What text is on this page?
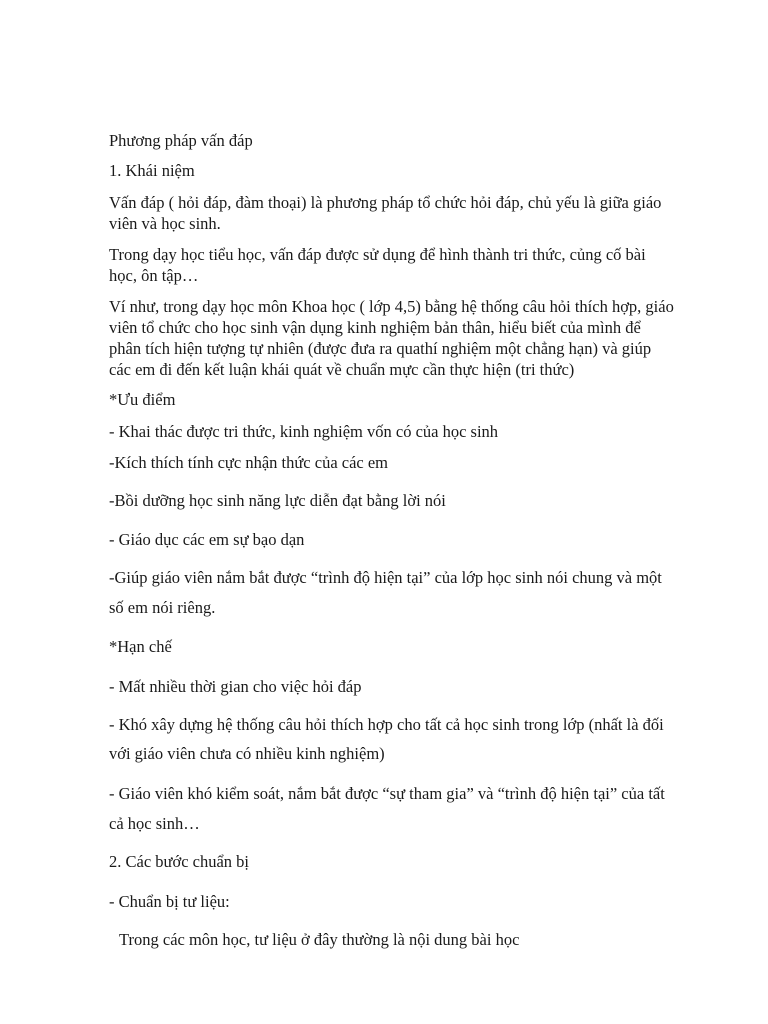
Phương pháp vấn đáp
1. Khái niệm
Vấn đáp ( hỏi đáp, đàm thoại) là phương pháp tổ chức hỏi đáp, chủ yếu là giữa giáo
viên và học sinh.
Trong dạy học tiểu học, vấn đáp được sử dụng để hình thành tri thức, củng cố bài
học, ôn tập…
Ví như, trong dạy học môn Khoa học ( lớp 4,5) bằng hệ thống câu hỏi thích hợp, giáo
viên tổ chức cho học sinh vận dụng kinh nghiệm bản thân, hiểu biết của mình để
phân tích hiện tượng tự nhiên (được đưa ra quathí nghiệm một chẳng hạn) và giúp
các em đi đến kết luận khái quát về chuẩn mực cần thực hiện (tri thức)
*Ưu điểm
- Khai thác được tri thức, kinh nghiệm vốn có của học sinh
-Kích thích tính cực nhận thức của các em
-Bồi dưỡng học sinh năng lực diễn đạt bằng lời nói
- Giáo dục các em sự bạo dạn
-Giúp giáo viên nắm bắt được “trình độ hiện tại” của lớp học sinh nói chung và một
số em nói riêng.
*Hạn chế
- Mất nhiều thời gian cho việc hỏi đáp
- Khó xây dựng hệ thống câu hỏi thích hợp cho tất cả học sinh trong lớp (nhất là đối
với giáo viên chưa có nhiều kinh nghiệm)
- Giáo viên khó kiểm soát, nắm bắt được “sự tham gia” và “trình độ hiện tại” của tất
cả học sinh…
2. Các bước chuẩn bị
- Chuẩn bị tư liệu:
Trong các môn học, tư liệu ở đây thường là nội dung bài học
